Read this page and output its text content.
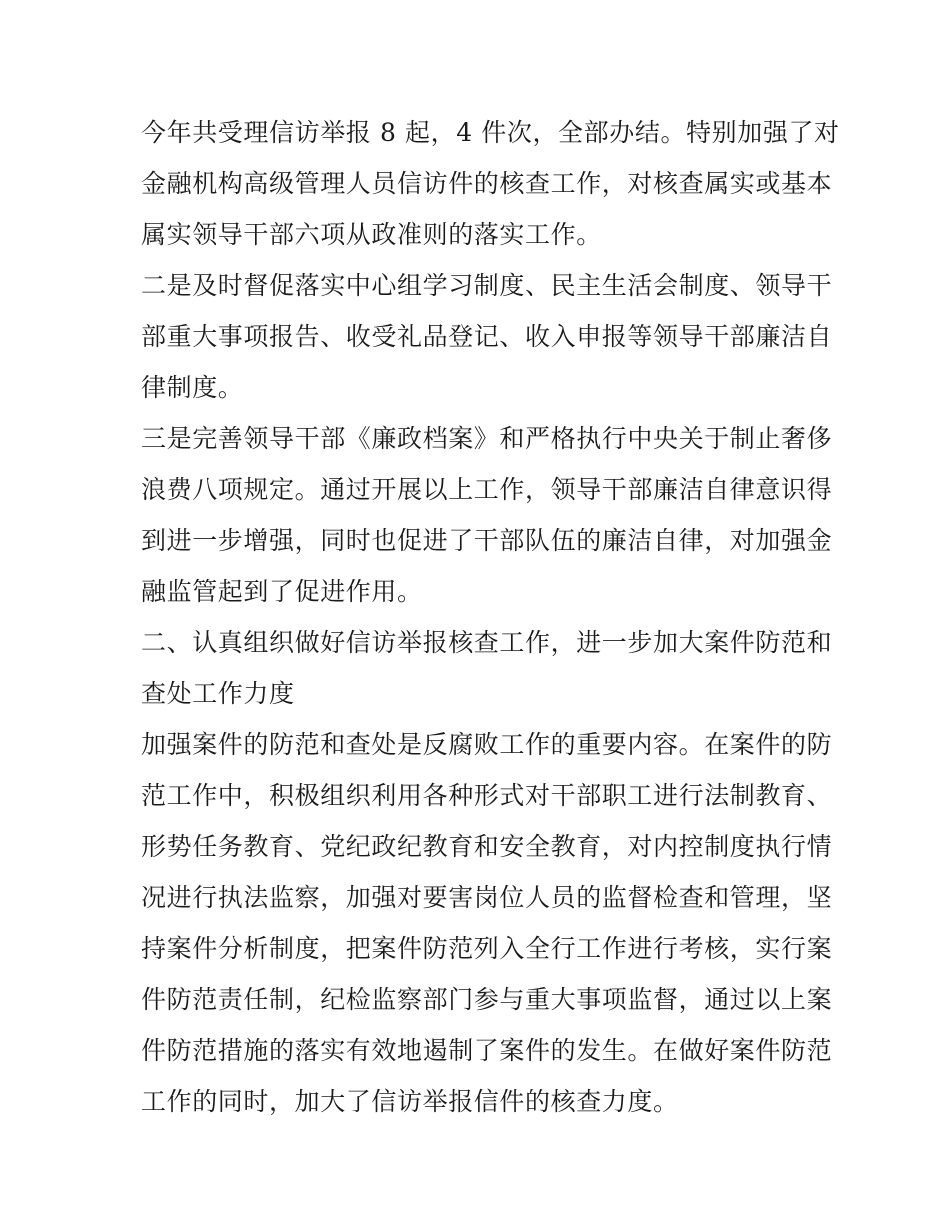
今年共受理信访举报 8 起，4 件次，全部办结。特别加强了对
金融机构高级管理人员信访件的核查工作，对核查属实或基本
属实领导干部六项从政准则的落实工作。
二是及时督促落实中心组学习制度、民主生活会制度、领导干
部重大事项报告、收受礼品登记、收入申报等领导干部廉洁自
律制度。
三是完善领导干部《廉政档案》和严格执行中央关于制止奢侈
浪费八项规定。通过开展以上工作，领导干部廉洁自律意识得
到进一步增强，同时也促进了干部队伍的廉洁自律，对加强金
融监管起到了促进作用。
二、认真组织做好信访举报核查工作，进一步加大案件防范和
查处工作力度
加强案件的防范和查处是反腐败工作的重要内容。在案件的防
范工作中，积极组织利用各种形式对干部职工进行法制教育、
形势任务教育、党纪政纪教育和安全教育，对内控制度执行情
况进行执法监察，加强对要害岗位人员的监督检查和管理，坚
持案件分析制度，把案件防范列入全行工作进行考核，实行案
件防范责任制，纪检监察部门参与重大事项监督，通过以上案
件防范措施的落实有效地遏制了案件的发生。在做好案件防范
工作的同时，加大了信访举报信件的核查力度。
